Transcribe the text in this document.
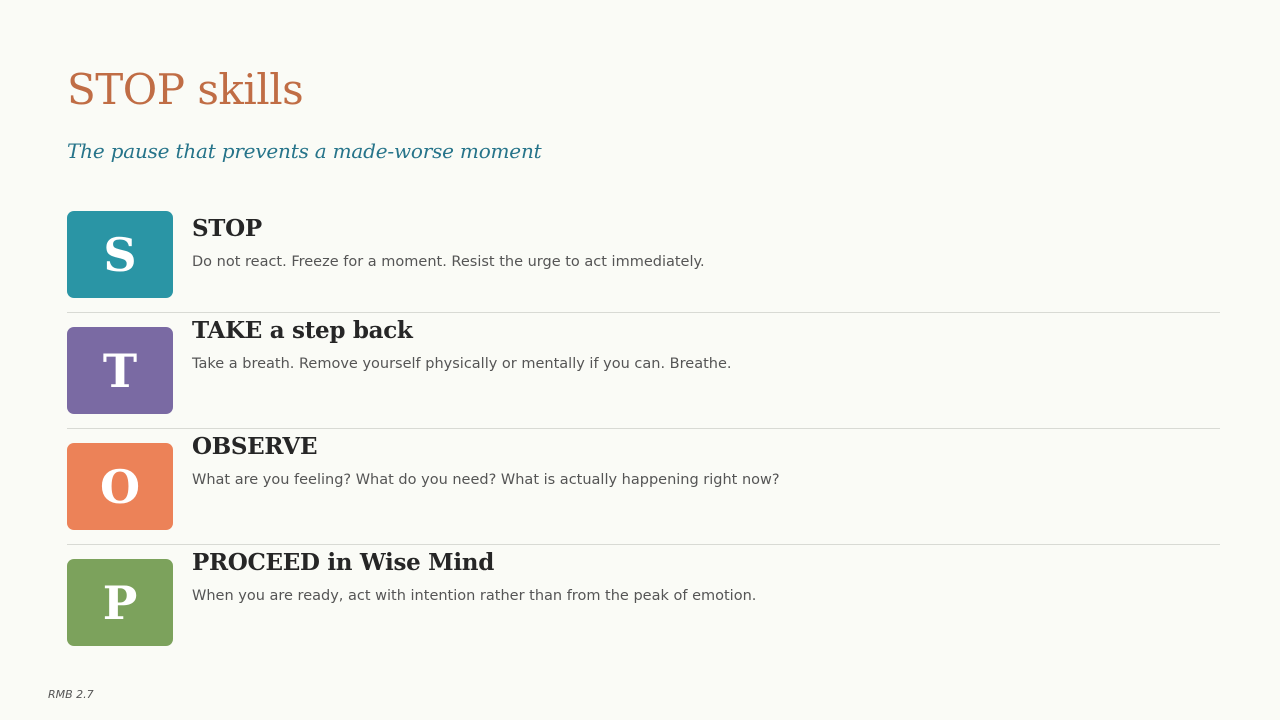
STOP skills

The pause that prevents a made-worse moment

S	STOP

Do not react. Freeze for a moment. Resist the urge to act immediately.

T
TAKE a step back

Take a breath. Remove yourself physically or mentally if you can. Breathe.

O
OBSERVE

What are you feeling? What do you need? What is actually happening right now?

P
PROCEED in Wise Mind

When you are ready, act with intention rather than from the peak of emotion.

RMB 2.7
